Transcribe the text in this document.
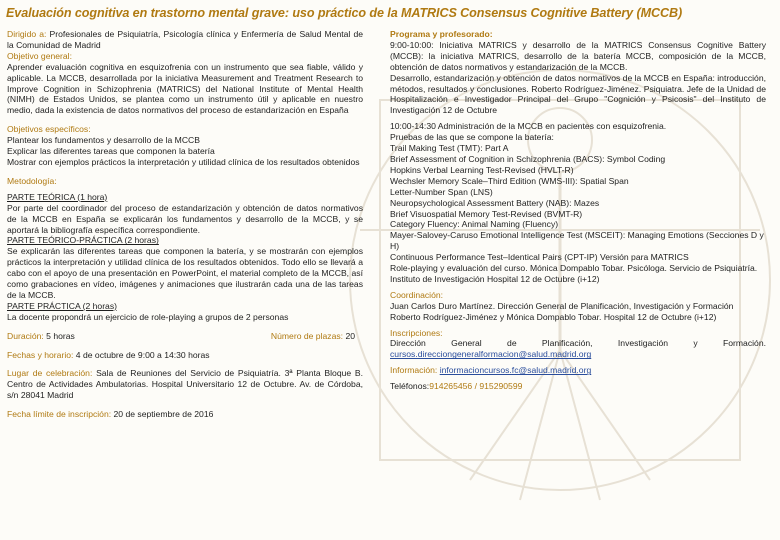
Evaluación cognitiva en trastorno mental grave: uso práctico de la MATRICS Consensus Cognitive Battery (MCCB)

Dirigido a: Profesionales de Psiquiatría, Psicología clínica y Enfermería de Salud Mental de la Comunidad de Madrid

Objetivo general:

Aprender evaluación cognitiva en esquizofrenia con un instrumento que sea fiable, válido y aplicable. La MCCB, desarrollada por la iniciativa Measurement and Treatment Research to Improve Cognition in Schizophrenia (MATRICS) del National Institute of Mental Health (NIMH) de Estados Unidos, se plantea como un instrumento útil y aplicable en nuestro medio, dada la existencia de datos normativos del proceso de estandarización en España

Objetivos específicos:

Plantear los fundamentos y desarrollo de la MCCB

Explicar las diferentes tareas que componen la batería

Mostrar con ejemplos prácticos la interpretación y utilidad clínica de los resultados obtenidos

Metodología:

PARTE TEÓRICA (1 hora)

Por parte del coordinador del proceso de estandarización y obtención de datos normativos de la MCCB en España se explicarán los fundamentos y desarrollo de la MCCB, y se aportará la bibliografía específica correspondiente.

PARTE TEÓRICO-PRÁCTICA (2 horas)

Se explicarán las diferentes tareas que componen la batería, y se mostrarán con ejemplos prácticos la interpretación y utilidad clínica de los resultados obtenidos. Todo ello se llevará a cabo con el apoyo de una presentación en PowerPoint, el material completo de la MCCB, así como grabaciones en vídeo, imágenes y animaciones que ilustrarán cada una de las tareas de la MCCB.

PARTE PRÁCTICA (2 horas)

La docente propondrá un ejercicio de role-playing a grupos de 2 personas

Duración: 5 horas	Número de plazas: 20

Fechas y horario: 4 de octubre de 9:00 a 14:30 horas

Lugar de celebración: Sala de Reuniones del Servicio de Psiquiatría. 3ª Planta Bloque B. Centro de Actividades Ambulatorias. Hospital Universitario 12 de Octubre. Av. de Córdoba, s/n 28041 Madrid

Fecha límite de inscripción: 20 de septiembre de 2016

Programa y profesorado:

9:00-10:00: Iniciativa MATRICS y desarrollo de la MATRICS Consensus Cognitive Battery (MCCB): la iniciativa MATRICS, desarrollo de la batería MCCB, composición de la MCCB, obtención de datos normativos y estandarización de la MCCB.

Desarrollo, estandarización y obtención de datos normativos de la MCCB en España: introducción, métodos, resultados y conclusiones. Roberto Rodríguez-Jiménez. Psiquiatra. Jefe de la Unidad de Hospitalización e Investigador Principal del Grupo "Cognición y Psicosis" del Instituto de Investigación 12 de Octubre

10:00-14:30 Administración de la MCCB en pacientes con esquizofrenia.

Pruebas de las que se compone la batería:

Trail Making Test (TMT): Part A

Brief Assessment of Cognition in Schizophrenia (BACS): Symbol Coding

Hopkins Verbal Learning Test-Revised (HVLT-R)

Wechsler Memory Scale–Third Edition (WMS-III): Spatial Span

Letter-Number Span (LNS)

Neuropsychological Assessment Battery (NAB): Mazes

Brief Visuospatial Memory Test-Revised (BVMT-R)

Category Fluency: Animal Naming (Fluency)

Mayer-Salovey-Caruso Emotional Intelligence Test (MSCEIT): Managing Emotions (Secciones D y H)

Continuous Performance Test–Identical Pairs (CPT-IP) Versión para MATRICS

Role-playing y evaluación del curso. Mónica Dompablo Tobar. Psicóloga. Servicio de Psiquiatría. Instituto de Investigación Hospital 12 de Octubre (i+12)

Coordinación:

Juan Carlos Duro Martínez. Dirección General de Planificación, Investigación y Formación Roberto Rodríguez-Jiménez y Mónica Dompablo Tobar. Hospital 12 de Octubre (i+12)

Inscripciones:

Dirección General de Planificación, Investigación y Formación.

cursos.direcciongeneralformacion@salud.madrid.org

Información: informacioncursos.fc@salud.madrid.org

Teléfonos:914265456 / 915290599
